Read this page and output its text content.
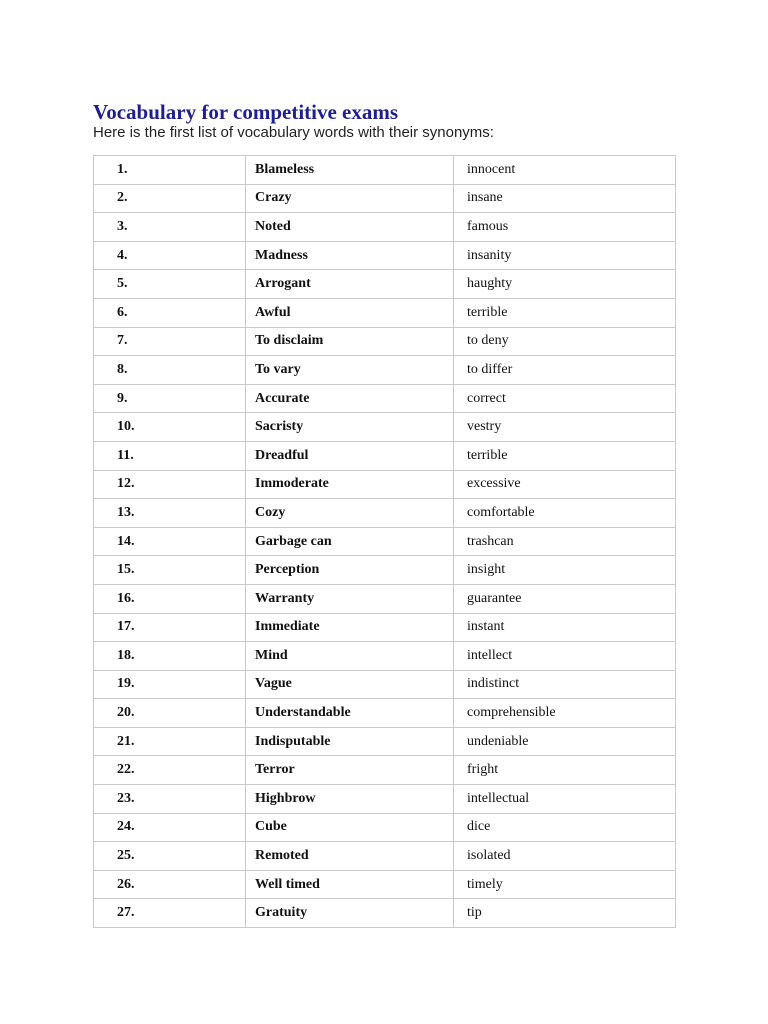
Vocabulary for competitive exams

Here is the first list of vocabulary words with their synonyms:

1.	Blameless	innocent
2.	Crazy	insane
3.	Noted	famous
4.	Madness	insanity
5.	Arrogant	haughty
6.	Awful	terrible
7.	To disclaim	to deny
8.	To vary	to differ
9.	Accurate	correct
10.	Sacristy	vestry
11.	Dreadful	terrible
12.	Immoderate	excessive
13.	Cozy	comfortable
14.	Garbage can	trashcan
15.	Perception	insight
16.	Warranty	guarantee
17.	Immediate	instant
18.	Mind	intellect
19.	Vague	indistinct
20.	Understandable	comprehensible
21.	Indisputable	undeniable
22.	Terror	fright
23.	Highbrow	intellectual
24.	Cube	dice
25.	Remoted	isolated
26.	Well timed	timely
27.	Gratuity	tip
